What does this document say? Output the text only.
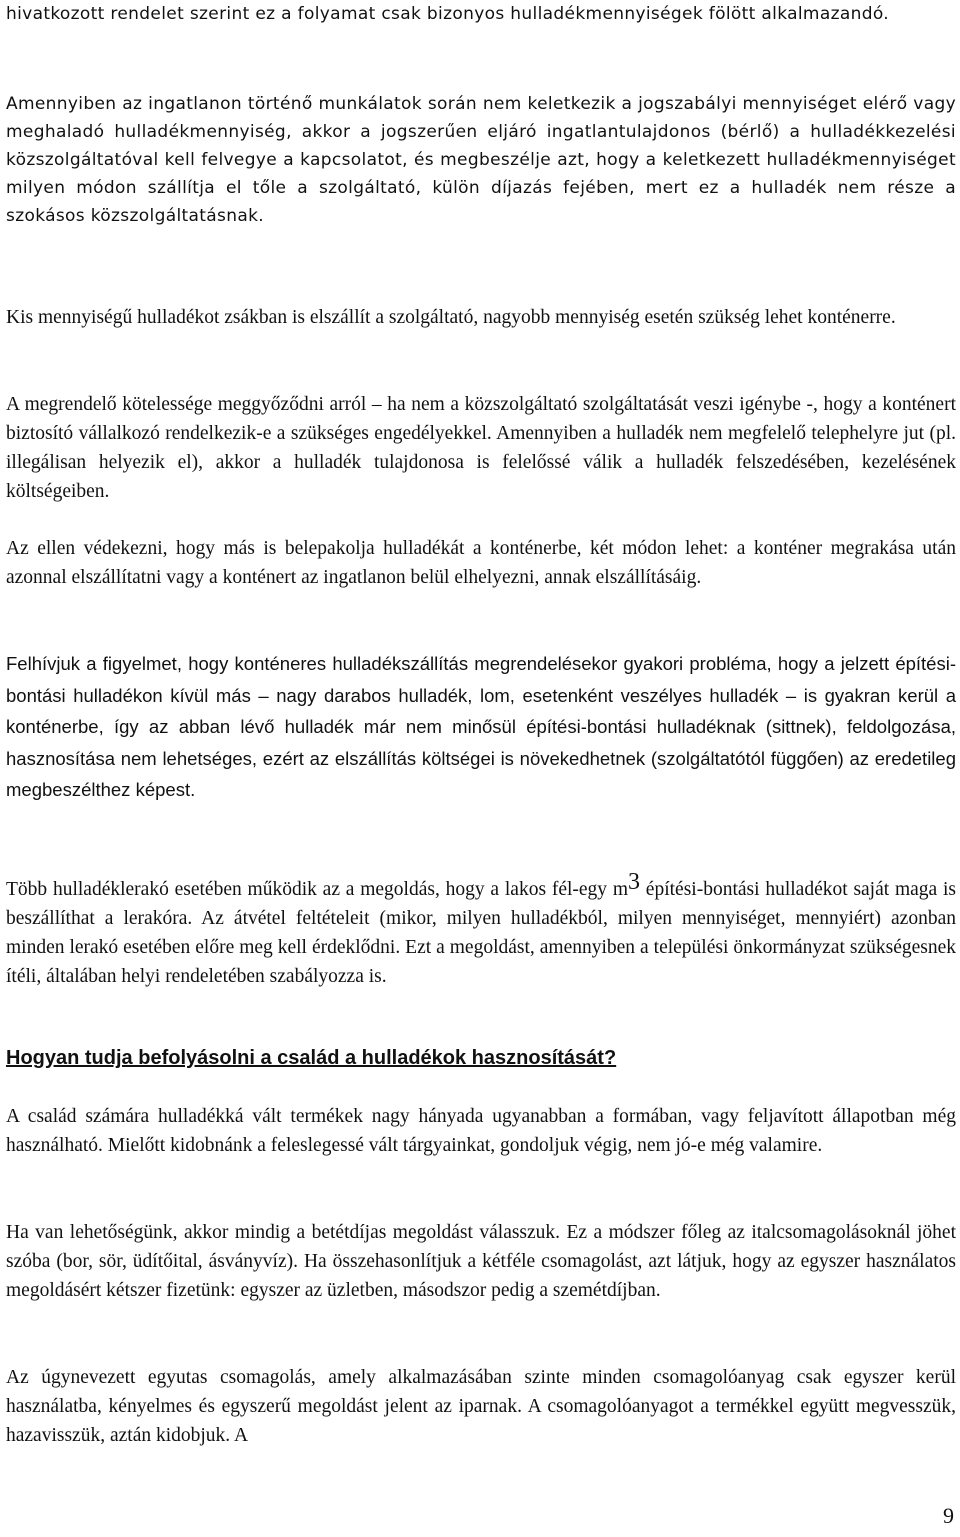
hivatkozott rendelet szerint ez a folyamat csak bizonyos hulladékmennyiségek fölött alkalmazandó.

Amennyiben az ingatlanon történő munkálatok során nem keletkezik a jogszabályi mennyiséget elérő vagy meghaladó hulladékmennyiség, akkor a jogszerűen eljáró ingatlantulajdonos (bérlő) a hulladékkezelési közszolgáltatóval kell felvegye a kapcsolatot, és megbeszélje azt, hogy a keletkezett hulladékmennyiséget milyen módon szállítja el tőle a szolgáltató, külön díjazás fejében, mert ez a hulladék nem része a szokásos közszolgáltatásnak.

Kis mennyiségű hulladékot zsákban is elszállít a szolgáltató, nagyobb mennyiség esetén szükség lehet konténerre.

A megrendelő kötelessége meggyőződni arról – ha nem a közszolgáltató szolgáltatását veszi igénybe -, hogy a konténert biztosító vállalkozó rendelkezik-e a szükséges engedélyekkel. Amennyiben a hulladék nem megfelelő telephelyre jut (pl. illegálisan helyezik el), akkor a hulladék tulajdonosa is felelőssé válik a hulladék felszedésében, kezelésének költségeiben.

Az ellen védekezni, hogy más is belepakolja hulladékát a konténerbe, két módon lehet: a konténer megrakása után azonnal elszállítatni vagy a konténert az ingatlanon belül elhelyezni, annak elszállításáig.

Felhívjuk a figyelmet, hogy konténeres hulladékszállítás megrendelésekor gyakori probléma, hogy a jelzett építési-bontási hulladékon kívül más – nagy darabos hulladék, lom, esetenként veszélyes hulladék – is gyakran kerül a konténerbe, így az abban lévő hulladék már nem minősül építési-bontási hulladéknak (sittnek), feldolgozása, hasznosítása nem lehetséges, ezért az elszállítás költségei is növekedhetnek (szolgáltatótól függően) az eredetileg megbeszélthez képest.

Több hulladéklerakó esetében működik az a megoldás, hogy a lakos fél-egy m3 építési-bontási hulladékot saját maga is beszállíthat a lerakóra. Az átvétel feltételeit (mikor, milyen hulladékból, milyen mennyiséget, mennyiért) azonban minden lerakó esetében előre meg kell érdeklődni. Ezt a megoldást, amennyiben a települési önkormányzat szükségesnek ítéli, általában helyi rendeletében szabályozza is.

Hogyan tudja befolyásolni a család a hulladékok hasznosítását?

A család számára hulladékká vált termékek nagy hányada ugyanabban a formában, vagy feljavított állapotban még használható. Mielőtt kidobnánk a feleslegessé vált tárgyainkat, gondoljuk végig, nem jó-e még valamire.

Ha van lehetőségünk, akkor mindig a betétdíjas megoldást válasszuk. Ez a módszer főleg az italcsomagolásoknál jöhet szóba (bor, sör, üdítőital, ásványvíz). Ha összehasonlítjuk a kétféle csomagolást, azt látjuk, hogy az egyszer használatos megoldásért kétszer fizetünk: egyszer az üzletben, másodszor pedig a szemétdíjban.

Az úgynevezett egyutas csomagolás, amely alkalmazásában szinte minden csomagolóanyag csak egyszer kerül használatba, kényelmes és egyszerű megoldást jelent az iparnak. A csomagolóanyagot a termékkel együtt megvesszük, hazavisszük, aztán kidobjuk. A

9
